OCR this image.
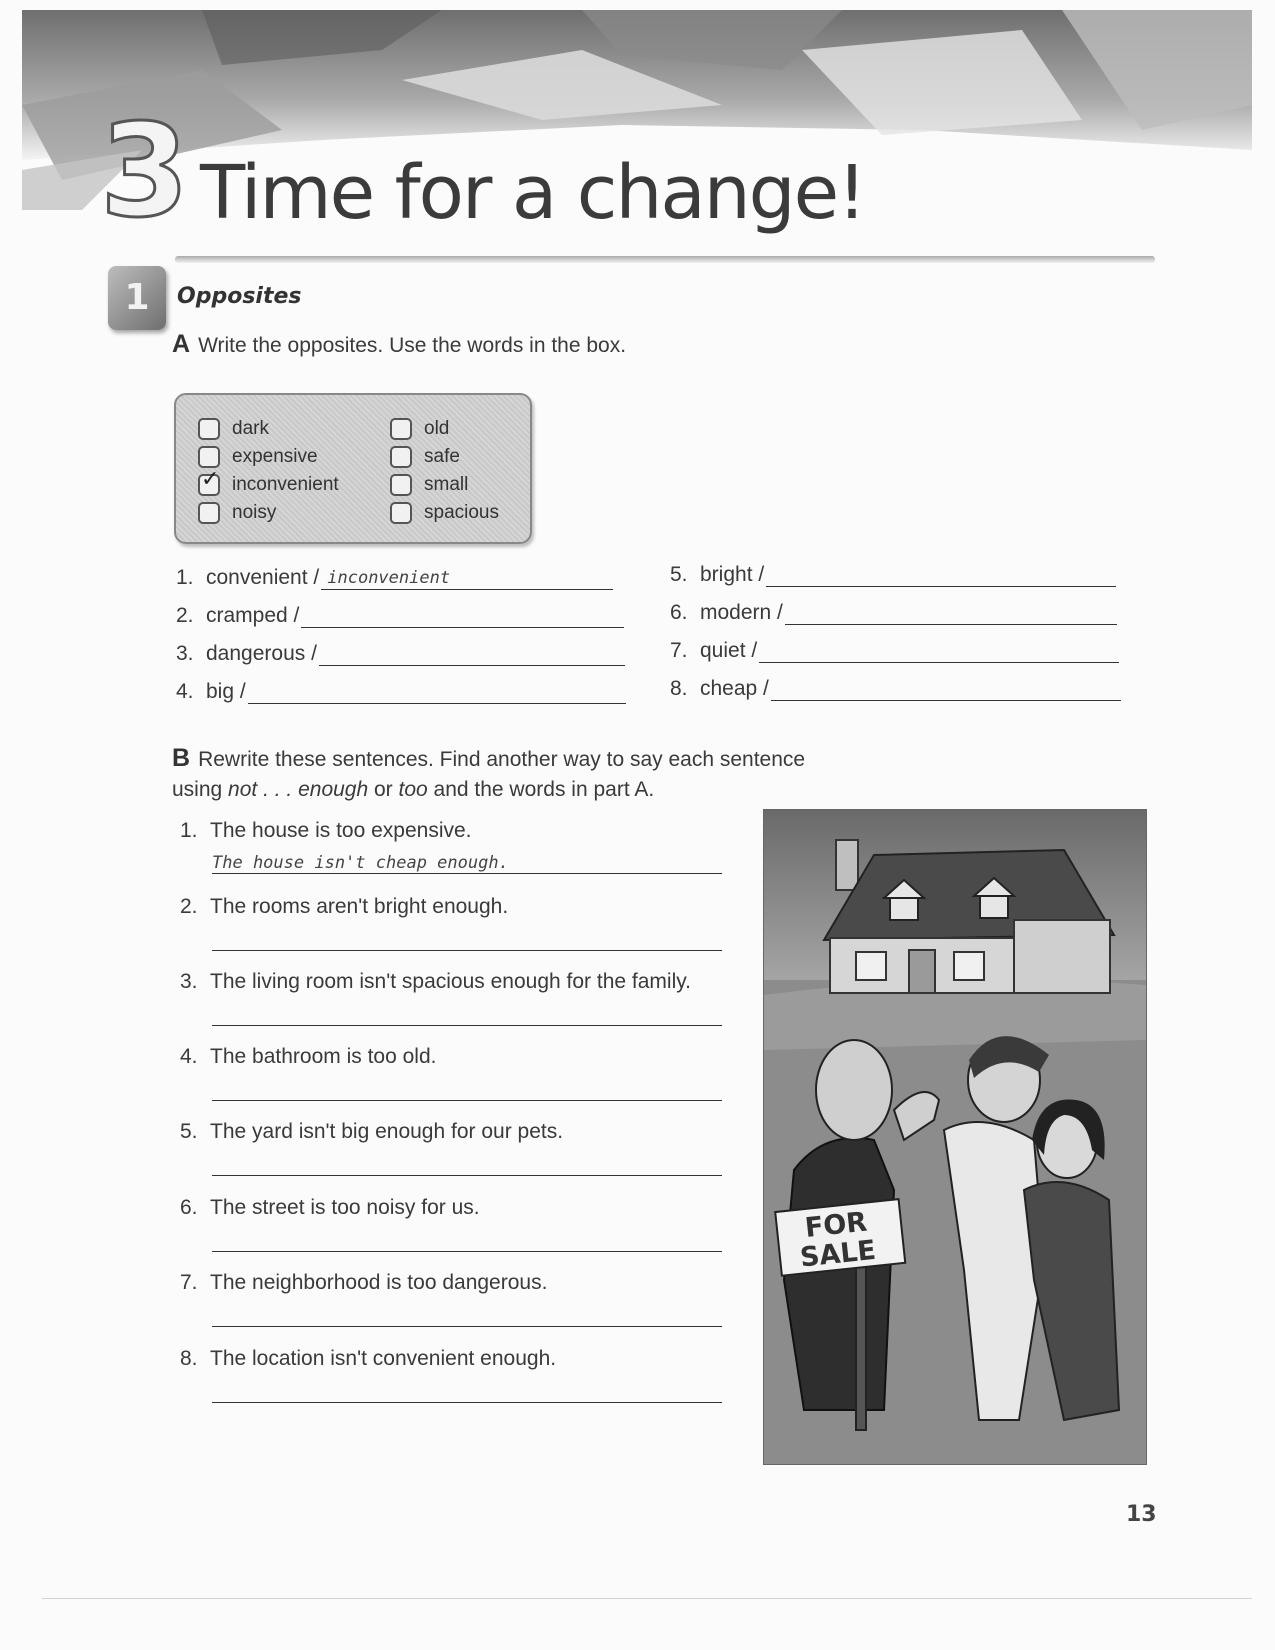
3 Time for a change!
1	Opposites
A Write the opposites. Use the words in the box.
dark
expensive
✓ inconvenient
noisy
old
safe
small
spacious
1. convenient / inconvenient
2. cramped /
3. dangerous /
4. big /
5. bright /
6. modern /
7. quiet /
8. cheap /
B Rewrite these sentences. Find another way to say each sentence
using not . . . enough or too and the words in part A.
1. The house is too expensive.
The house isn't cheap enough.
2. The rooms aren't bright enough.
3. The living room isn't spacious enough for the family.
4. The bathroom is too old.
5. The yard isn't big enough for our pets.
6. The street is too noisy for us.
7. The neighborhood is too dangerous.
8. The location isn't convenient enough.
FOR
SALE
13
